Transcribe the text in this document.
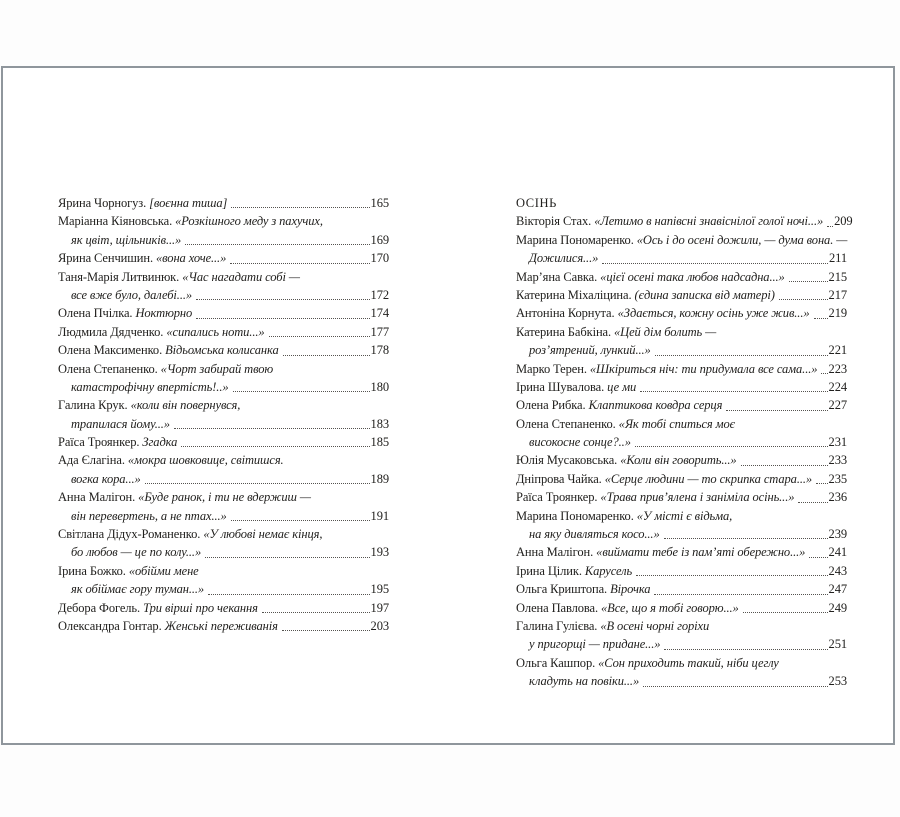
Ярина Чорногуз. [воєнна тиша]	165
Маріанна Кіяновська. «Розкішного меду з пахучих,
як цвіт, щільників...»	169
Ярина Сенчишин. «вона хоче...»	170
Таня-Марія Литвинюк. «Час нагадати собі —
все вже було, далебі...»	172
Олена Пчілка. Ноктюрно	174
Людмила Дядченко. «сипались ноти...»	177
Олена Максименко. Відьомська колисанка	178
Олена Степаненко. «Чорт забирай твою
катастрофічну впертість!..»	180
Галина Крук. «коли він повернувся,
трапилася йому...»	183
Раїса Троянкер. Згадка	185
Ада Єлагіна. «мокра шовковице, світишся.
вогка кора...»	189
Анна Малігон. «Буде ранок, і ти не вдержиш —
він перевертень, а не птах...»	191
Світлана Дідух-Романенко. «У любові немає кінця,
бо любов — це по колу...»	193
Ірина Божко. «обійми мене
як обіймає гору туман...»	195
Дебора Фогель. Три вірші про чекання	197
Олександра Гонтар. Женські переживанія	203
ОСІНЬ
Вікторія Стах. «Летимо в напівсні знавіснілої голої ночі...» 209
Марина Пономаренко. «Ось і до осені дожили, — дума вона. —
Дожилися...»	211
Мар’яна Савка. «цієї осені така любов надсадна...»	215
Катерина Міхаліцина. (єдина записка від матері)	217
Антоніна Корнута. «Здається, кожну осінь уже жив...» 219
Катерина Бабкіна. «Цей дім болить —
роз’ятрений, лункий...»	221
Марко Терен. «Шкіриться ніч: ти придумала все сама...» 223
Ірина Шувалова. це ми	224
Олена Рибка. Клаптикова ковдра серця	227
Олена Степаненко. «Як тобі спиться моє
високосне сонце?..»	231
Юлія Мусаковська. «Коли він говорить...»	233
Дніпрова Чайка. «Серце людини — то скрипка стара...» 235
Раїса Троянкер. «Трава прив’ялена і заніміла осінь...»	236
Марина Пономаренко. «У місті є відьма,
на яку дивляться косо...»	239
Анна Малігон. «виймати тебе із пам’яті обережно...» 241
Ірина Цілик. Карусель	243
Ольга Криштопа. Вірочка	247
Олена Павлова. «Все, що я тобі говорю...»	249
Галина Гулієва. «В осені чорні горіхи
у пригорщі — придане...»	251
Ольга Кашпор. «Сон приходить такий, ніби цеглу
кладуть на повіки...»	253
